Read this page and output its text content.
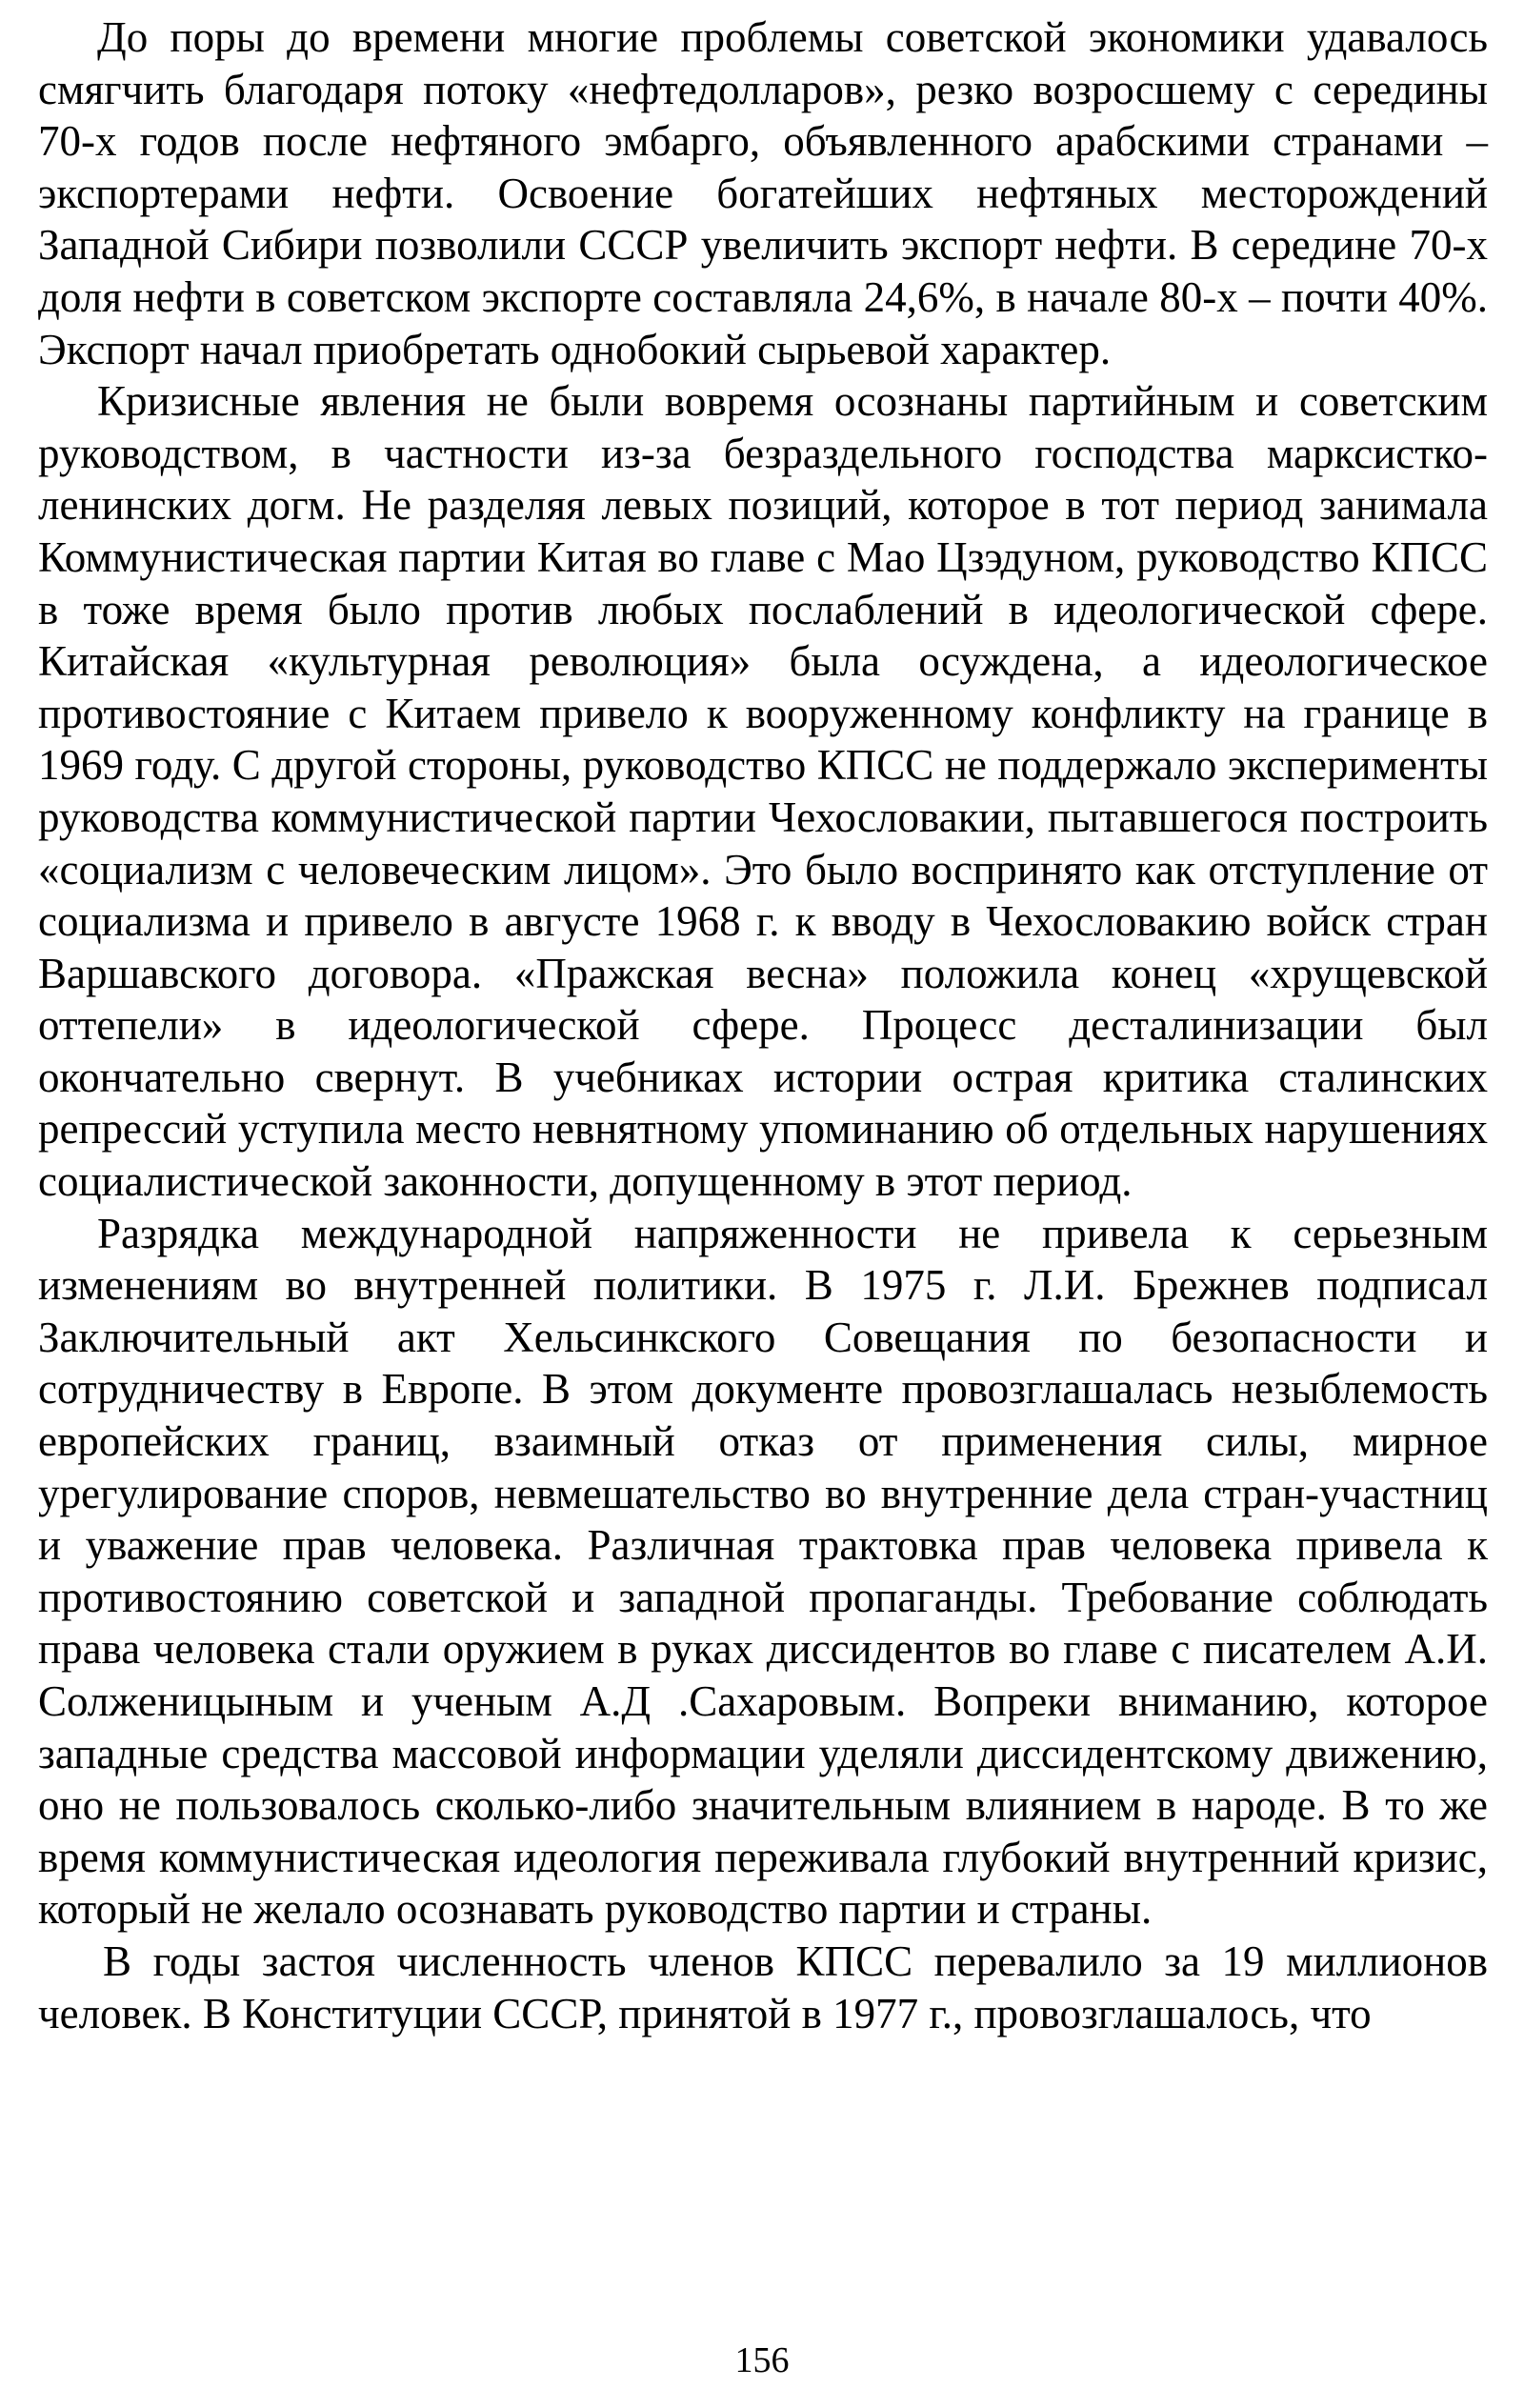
До поры до времени многие проблемы советской экономики удавалось смягчить благодаря потоку «нефтедолларов», резко возросшему с середины 70-х годов после нефтяного эмбарго, объявленного арабскими странами –экспортерами нефти. Освоение богатейших нефтяных месторождений Западной Сибири позволили СССР увеличить экспорт нефти. В середине 70-х доля нефти в советском экспорте составляла 24,6%, в начале 80-х – почти 40%. Экспорт начал приобретать однобокий сырьевой характер.

Кризисные явления не были вовремя осознаны партийным и советским руководством, в частности из-за безраздельного господства марксистко-ленинских догм. Не разделяя левых позиций, которое в тот период занимала Коммунистическая партии Китая во главе с Мао Цзэдуном, руководство КПСС в тоже время было против любых послаблений в идеологической сфере. Китайская «культурная революция» была осуждена, а идеологическое противостояние с Китаем привело к вооруженному конфликту на границе в 1969 году. С другой стороны, руководство КПСС не поддержало эксперименты руководства коммунистической партии Чехословакии, пытавшегося построить «социализм с человеческим лицом». Это было воспринято как отступление от социализма и привело в августе 1968 г. к вводу в Чехословакию войск стран Варшавского договора. «Пражская весна» положила конец «хрущевской оттепели» в идеологической сфере. Процесс десталинизации был окончательно свернут. В учебниках истории острая критика сталинских репрессий уступила место невнятному упоминанию об отдельных нарушениях социалистической законности, допущенному в этот период.

Разрядка международной напряженности не привела к серьезным изменениям во внутренней политики. В 1975 г. Л.И. Брежнев подписал Заключительный акт Хельсинкского Совещания по безопасности и сотрудничеству в Европе. В этом документе провозглашалась незыблемость европейских границ, взаимный отказ от применения силы, мирное урегулирование споров, невмешательство во внутренние дела стран-участниц и уважение прав человека. Различная трактовка прав человека привела к противостоянию советской и западной пропаганды. Требование соблюдать права человека стали оружием в руках диссидентов во главе с писателем А.И. Солженицыным и ученым А.Д .Сахаровым. Вопреки вниманию, которое западные средства массовой информации уделяли диссидентскому движению, оно не пользовалось сколько-либо значительным влиянием в народе. В то же время коммунистическая идеология переживала глубокий внутренний кризис, который не желало осознавать руководство партии и страны.

В годы застоя численность членов КПСС перевалило за 19 миллионов человек. В Конституции СССР, принятой в 1977 г., провозглашалось, что

156
